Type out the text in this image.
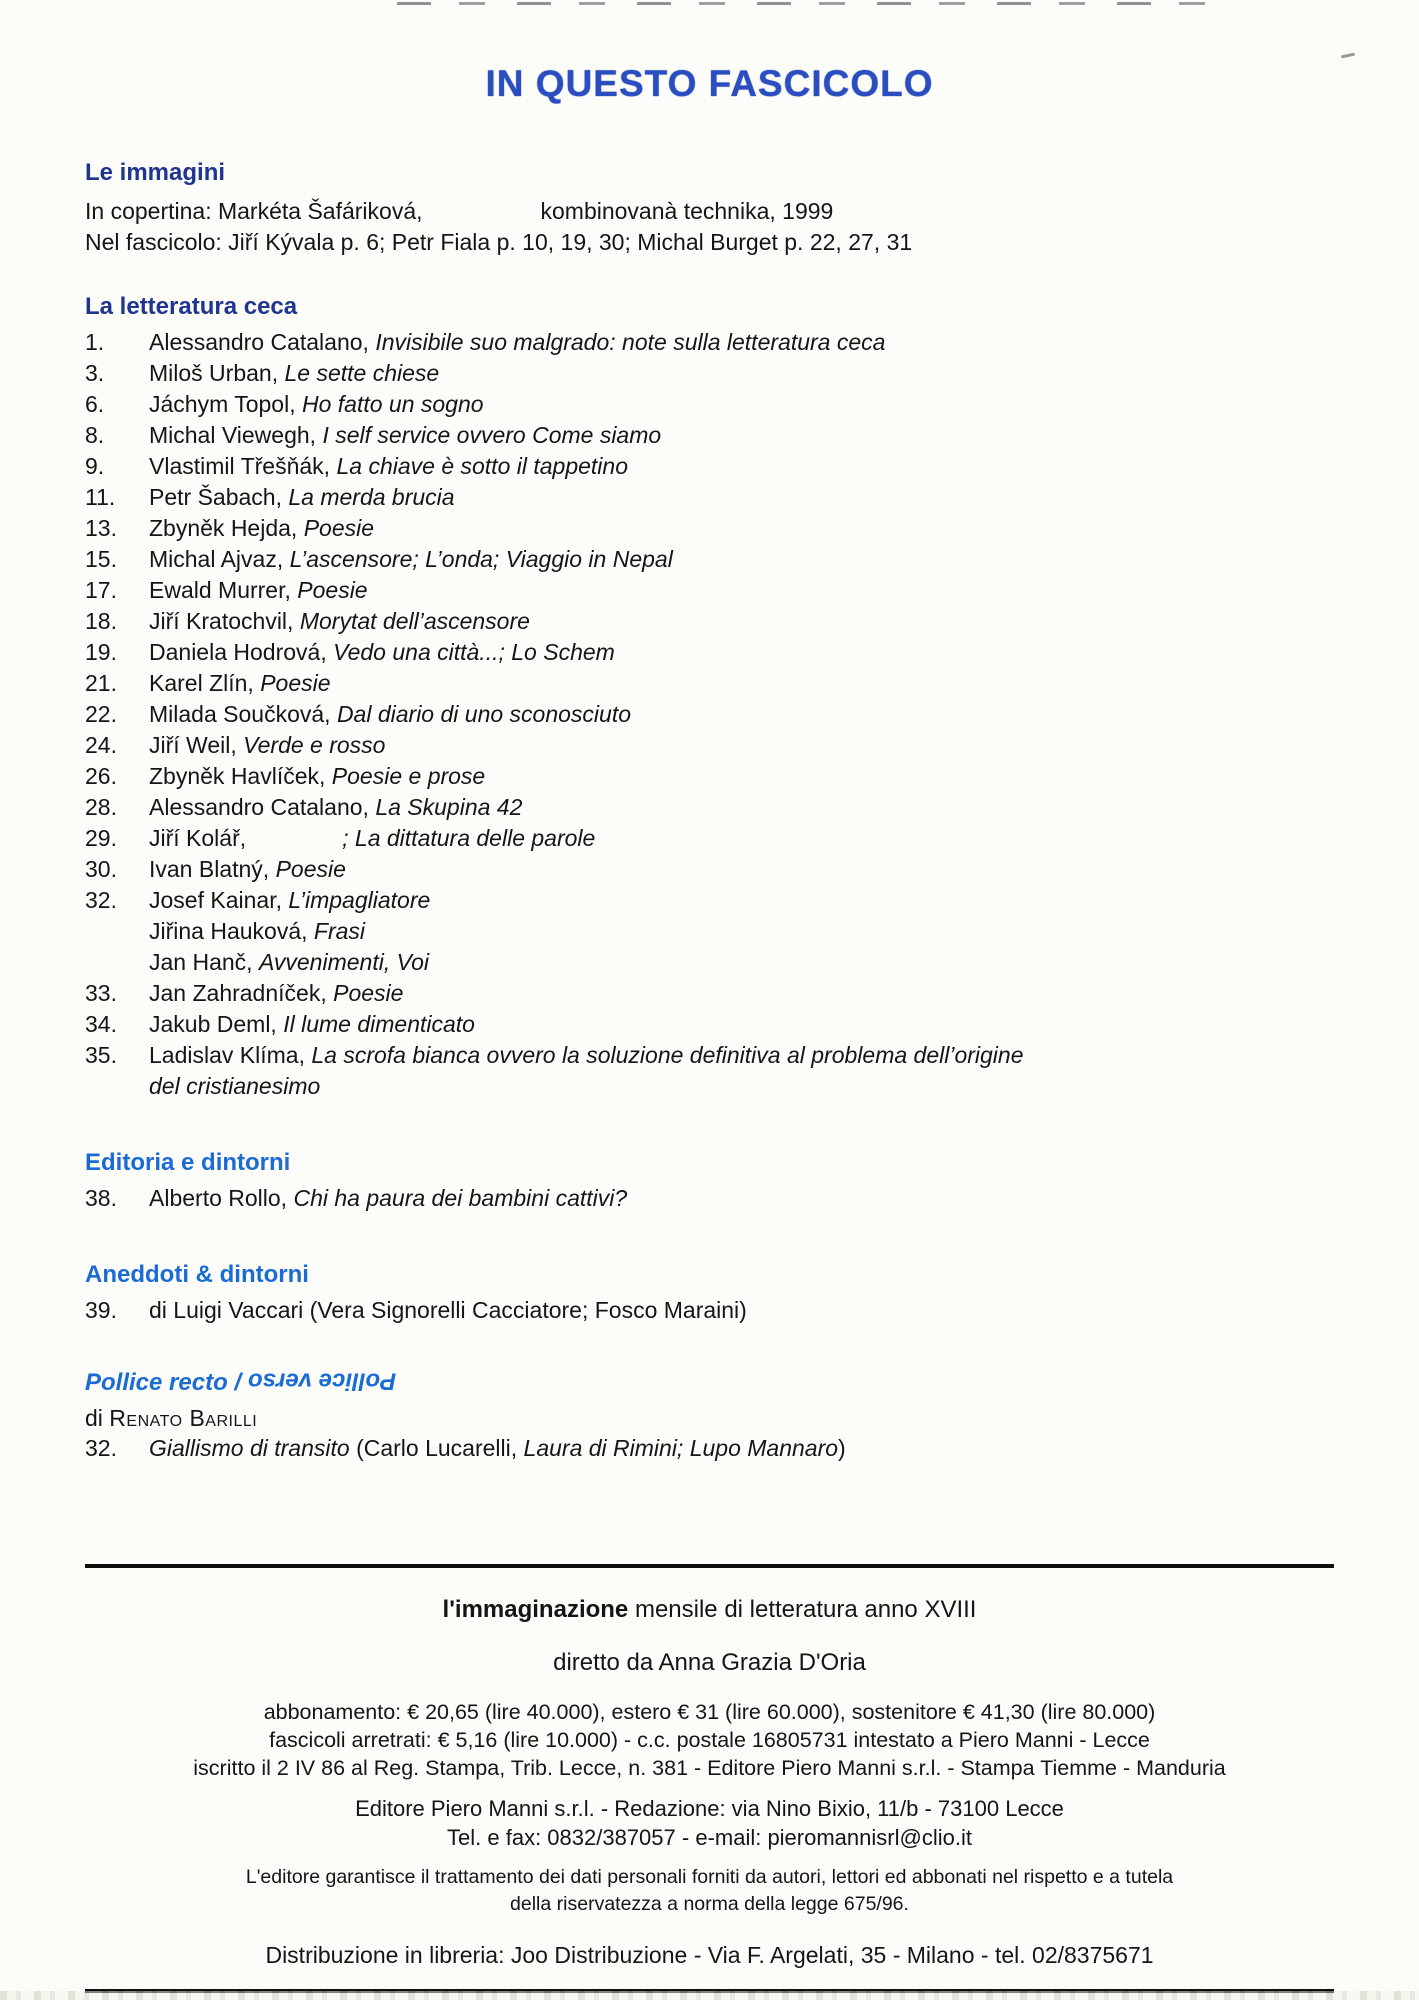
IN QUESTO FASCICOLO
Le immagini
In copertina: Markéta Šafáriková,	kombinovanà technika, 1999
Nel fascicolo: Jiří Kývala p. 6; Petr Fiala p. 10, 19, 30; Michal Burget p. 22, 27, 31
La letteratura ceca
1.	Alessandro Catalano, Invisibile suo malgrado: note sulla letteratura ceca
3.	Miloš Urban, Le sette chiese
6.	Jáchym Topol, Ho fatto un sogno
8.	Michal Viewegh, I self service ovvero Come siamo
9.	Vlastimil Třešňák, La chiave è sotto il tappetino
11.	Petr Šabach, La merda brucia
13.	Zbyněk Hejda, Poesie
15.	Michal Ajvaz, L’ascensore; L’onda; Viaggio in Nepal
17.	Ewald Murrer, Poesie
18.	Jiří Kratochvil, Morytat dell’ascensore
19.	Daniela Hodrová, Vedo una città...; Lo Schem
21.	Karel Zlín, Poesie
22.	Milada Součková, Dal diario di uno sconosciuto
24.	Jiří Weil, Verde e rosso
26.	Zbyněk Havlíček, Poesie e prose
28.	Alessandro Catalano, La Skupina 42
29.	Jiří Kolář,	; La dittatura delle parole
30.	Ivan Blatný, Poesie
32.	Josef Kainar, L’impagliatore
Jiřina Hauková, Frasi
Jan Hanč, Avvenimenti, Voi
33.	Jan Zahradníček, Poesie
34.	Jakub Deml, Il lume dimenticato
35.	Ladislav Klíma, La scrofa bianca ovvero la soluzione definitiva al problema dell’origine
del cristianesimo
Editoria e dintorni
38.	Alberto Rollo, Chi ha paura dei bambini cattivi?
Aneddoti & dintorni
39.	di Luigi Vaccari (Vera Signorelli Cacciatore; Fosco Maraini)
Pollice recto / Pollice verso
di Renato Barilli
32.	Giallismo di transito (Carlo Lucarelli, Laura di Rimini; Lupo Mannaro)
l'immaginazione mensile di letteratura anno XVIII
diretto da Anna Grazia D'Oria
abbonamento: € 20,65 (lire 40.000), estero € 31 (lire 60.000), sostenitore € 41,30 (lire 80.000)
fascicoli arretrati: € 5,16 (lire 10.000) - c.c. postale 16805731 intestato a Piero Manni - Lecce
iscritto il 2 IV 86 al Reg. Stampa, Trib. Lecce, n. 381 - Editore Piero Manni s.r.l. - Stampa Tiemme - Manduria
Editore Piero Manni s.r.l. - Redazione: via Nino Bixio, 11/b - 73100 Lecce
Tel. e fax: 0832/387057 - e-mail: pieromannisrl@clio.it
L'editore garantisce il trattamento dei dati personali forniti da autori, lettori ed abbonati nel rispetto e a tutela
della riservatezza a norma della legge 675/96.
Distribuzione in libreria: Joo Distribuzione - Via F. Argelati, 35 - Milano - tel. 02/8375671
